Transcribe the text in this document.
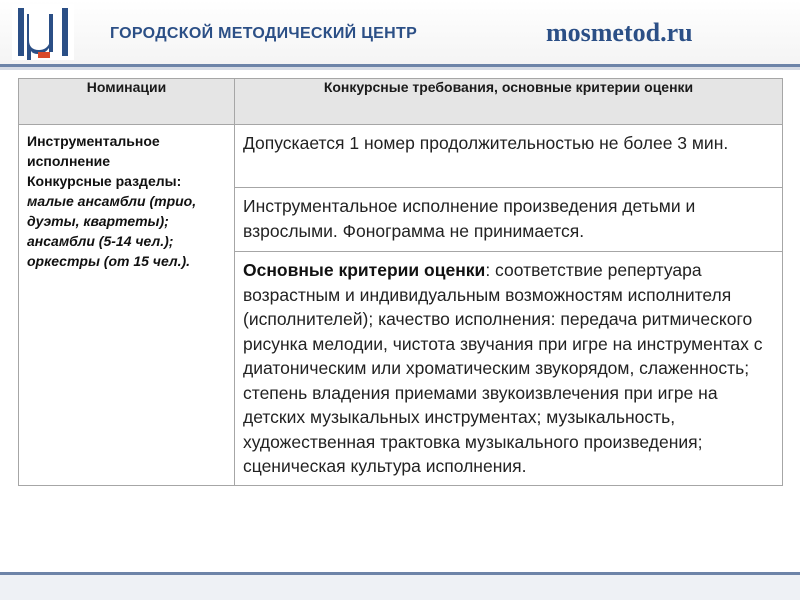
ГОРОДСКОЙ МЕТОДИЧЕСКИЙ ЦЕНТР	mosmetod.ru
Номинации	Конкурсные требования, основные критерии оценки

Инструментальное исполнение
Конкурсные разделы: малые ансамбли (трио, дуэты, квартеты); ансамбли (5-14 чел.); оркестры (от 15 чел.).	Допускается 1 номер продолжительностью не более 3 мин.
	Инструментальное исполнение произведения детьми и взрослыми. Фонограмма не принимается.
	Основные критерии оценки: соответствие репертуара возрастным и индивидуальным возможностям исполнителя (исполнителей); качество исполнения: передача ритмического рисунка мелодии, чистота звучания при игре на инструментах с диатоническим или хроматическим звукорядом, слаженность; степень владения приемами звукоизвлечения при игре на детских музыкальных инструментах; музыкальность, художественная трактовка музыкального произведения; сценическая культура исполнения.
